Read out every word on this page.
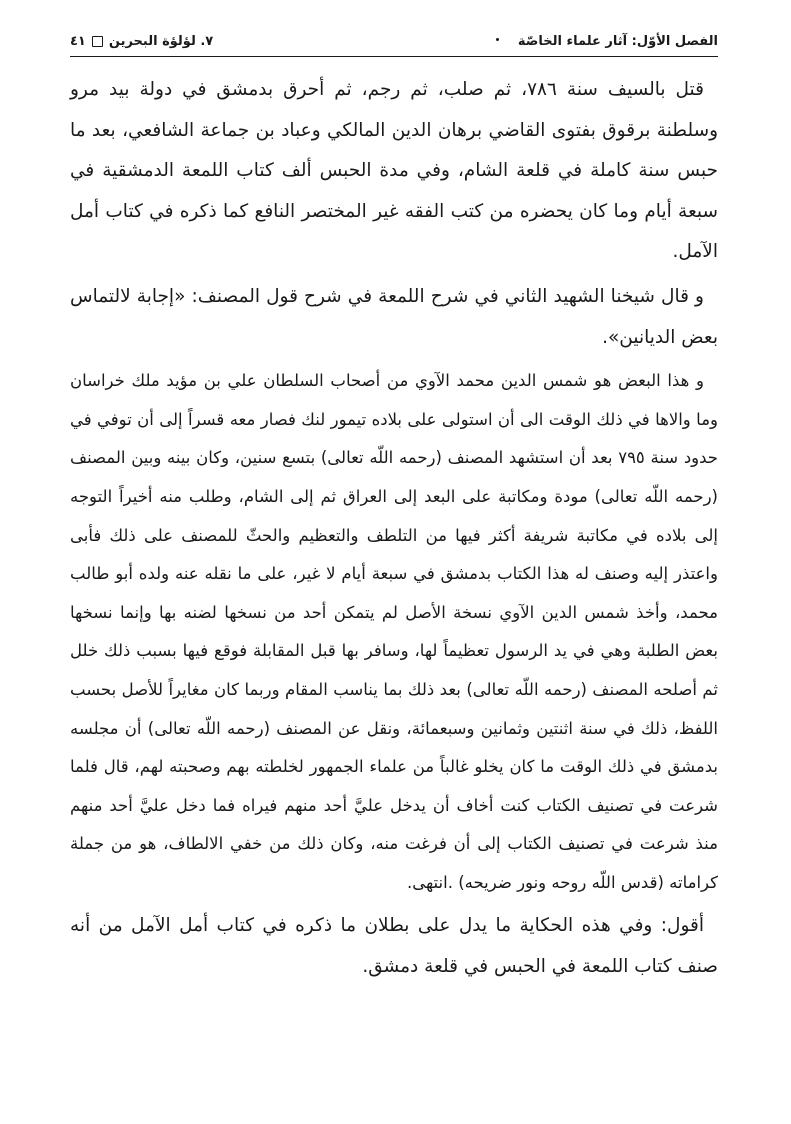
الفصل الأوّل: آثار علماء الخاصّة
٧. لؤلؤة البحرين
٤١

قتل بالسيف سنة ٧٨٦، ثم صلب، ثم رجم، ثم أحرق بدمشق في دولة بيد مرو وسلطنة برقوق بفتوى القاضي برهان الدين المالكي وعباد بن جماعة الشافعي، بعد ما حبس سنة كاملة في قلعة الشام، وفي مدة الحبس ألف كتاب اللمعة الدمشقية في سبعة أيام وما كان يحضره من كتب الفقه غير المختصر النافع كما ذكره في كتاب أمل الآمل.

و قال شيخنا الشهيد الثاني في شرح اللمعة في شرح قول المصنف: «إجابة لالتماس بعض الديانين».

و هذا البعض هو شمس الدين محمد الآوي من أصحاب السلطان علي بن مؤيد ملك خراسان وما والاها في ذلك الوقت الى أن استولى على بلاده تيمور لنك فصار معه قسراً إلى أن توفي في حدود سنة ٧٩٥ بعد أن استشهد المصنف (رحمه اللّه تعالى) بتسع سنين، وكان بينه وبين المصنف (رحمه اللّه تعالى) مودة ومكاتبة على البعد إلى العراق ثم إلى الشام، وطلب منه أخيراً التوجه إلى بلاده في مكاتبة شريفة أكثر فيها من التلطف والتعظيم والحثّ للمصنف على ذلك فأبى واعتذر إليه وصنف له هذا الكتاب بدمشق في سبعة أيام لا غير، على ما نقله عنه ولده أبو طالب محمد، وأخذ شمس الدين الآوي نسخة الأصل لم يتمكن أحد من نسخها لضنه بها وإنما نسخها بعض الطلبة وهي في يد الرسول تعظيماً لها، وسافر بها قبل المقابلة فوقع فيها بسبب ذلك خلل ثم أصلحه المصنف (رحمه اللّه تعالى) بعد ذلك بما يناسب المقام وربما كان مغايراً للأصل بحسب اللفظ، ذلك في سنة اثنتين وثمانين وسبعمائة، ونقل عن المصنف (رحمه اللّه تعالى) أن مجلسه بدمشق في ذلك الوقت ما كان يخلو غالباً من علماء الجمهور لخلطته بهم وصحبته لهم، قال فلما شرعت في تصنيف الكتاب كنت أخاف أن يدخل عليَّ أحد منهم فيراه فما دخل عليَّ أحد منهم منذ شرعت في تصنيف الكتاب إلى أن فرغت منه، وكان ذلك من خفي الالطاف، هو من جملة كراماته (قدس اللّه روحه ونور ضريحه) .انتهى.

أقول: وفي هذه الحكاية ما يدل على بطلان ما ذكره في كتاب أمل الآمل من أنه صنف كتاب اللمعة في الحبس في قلعة دمشق.
